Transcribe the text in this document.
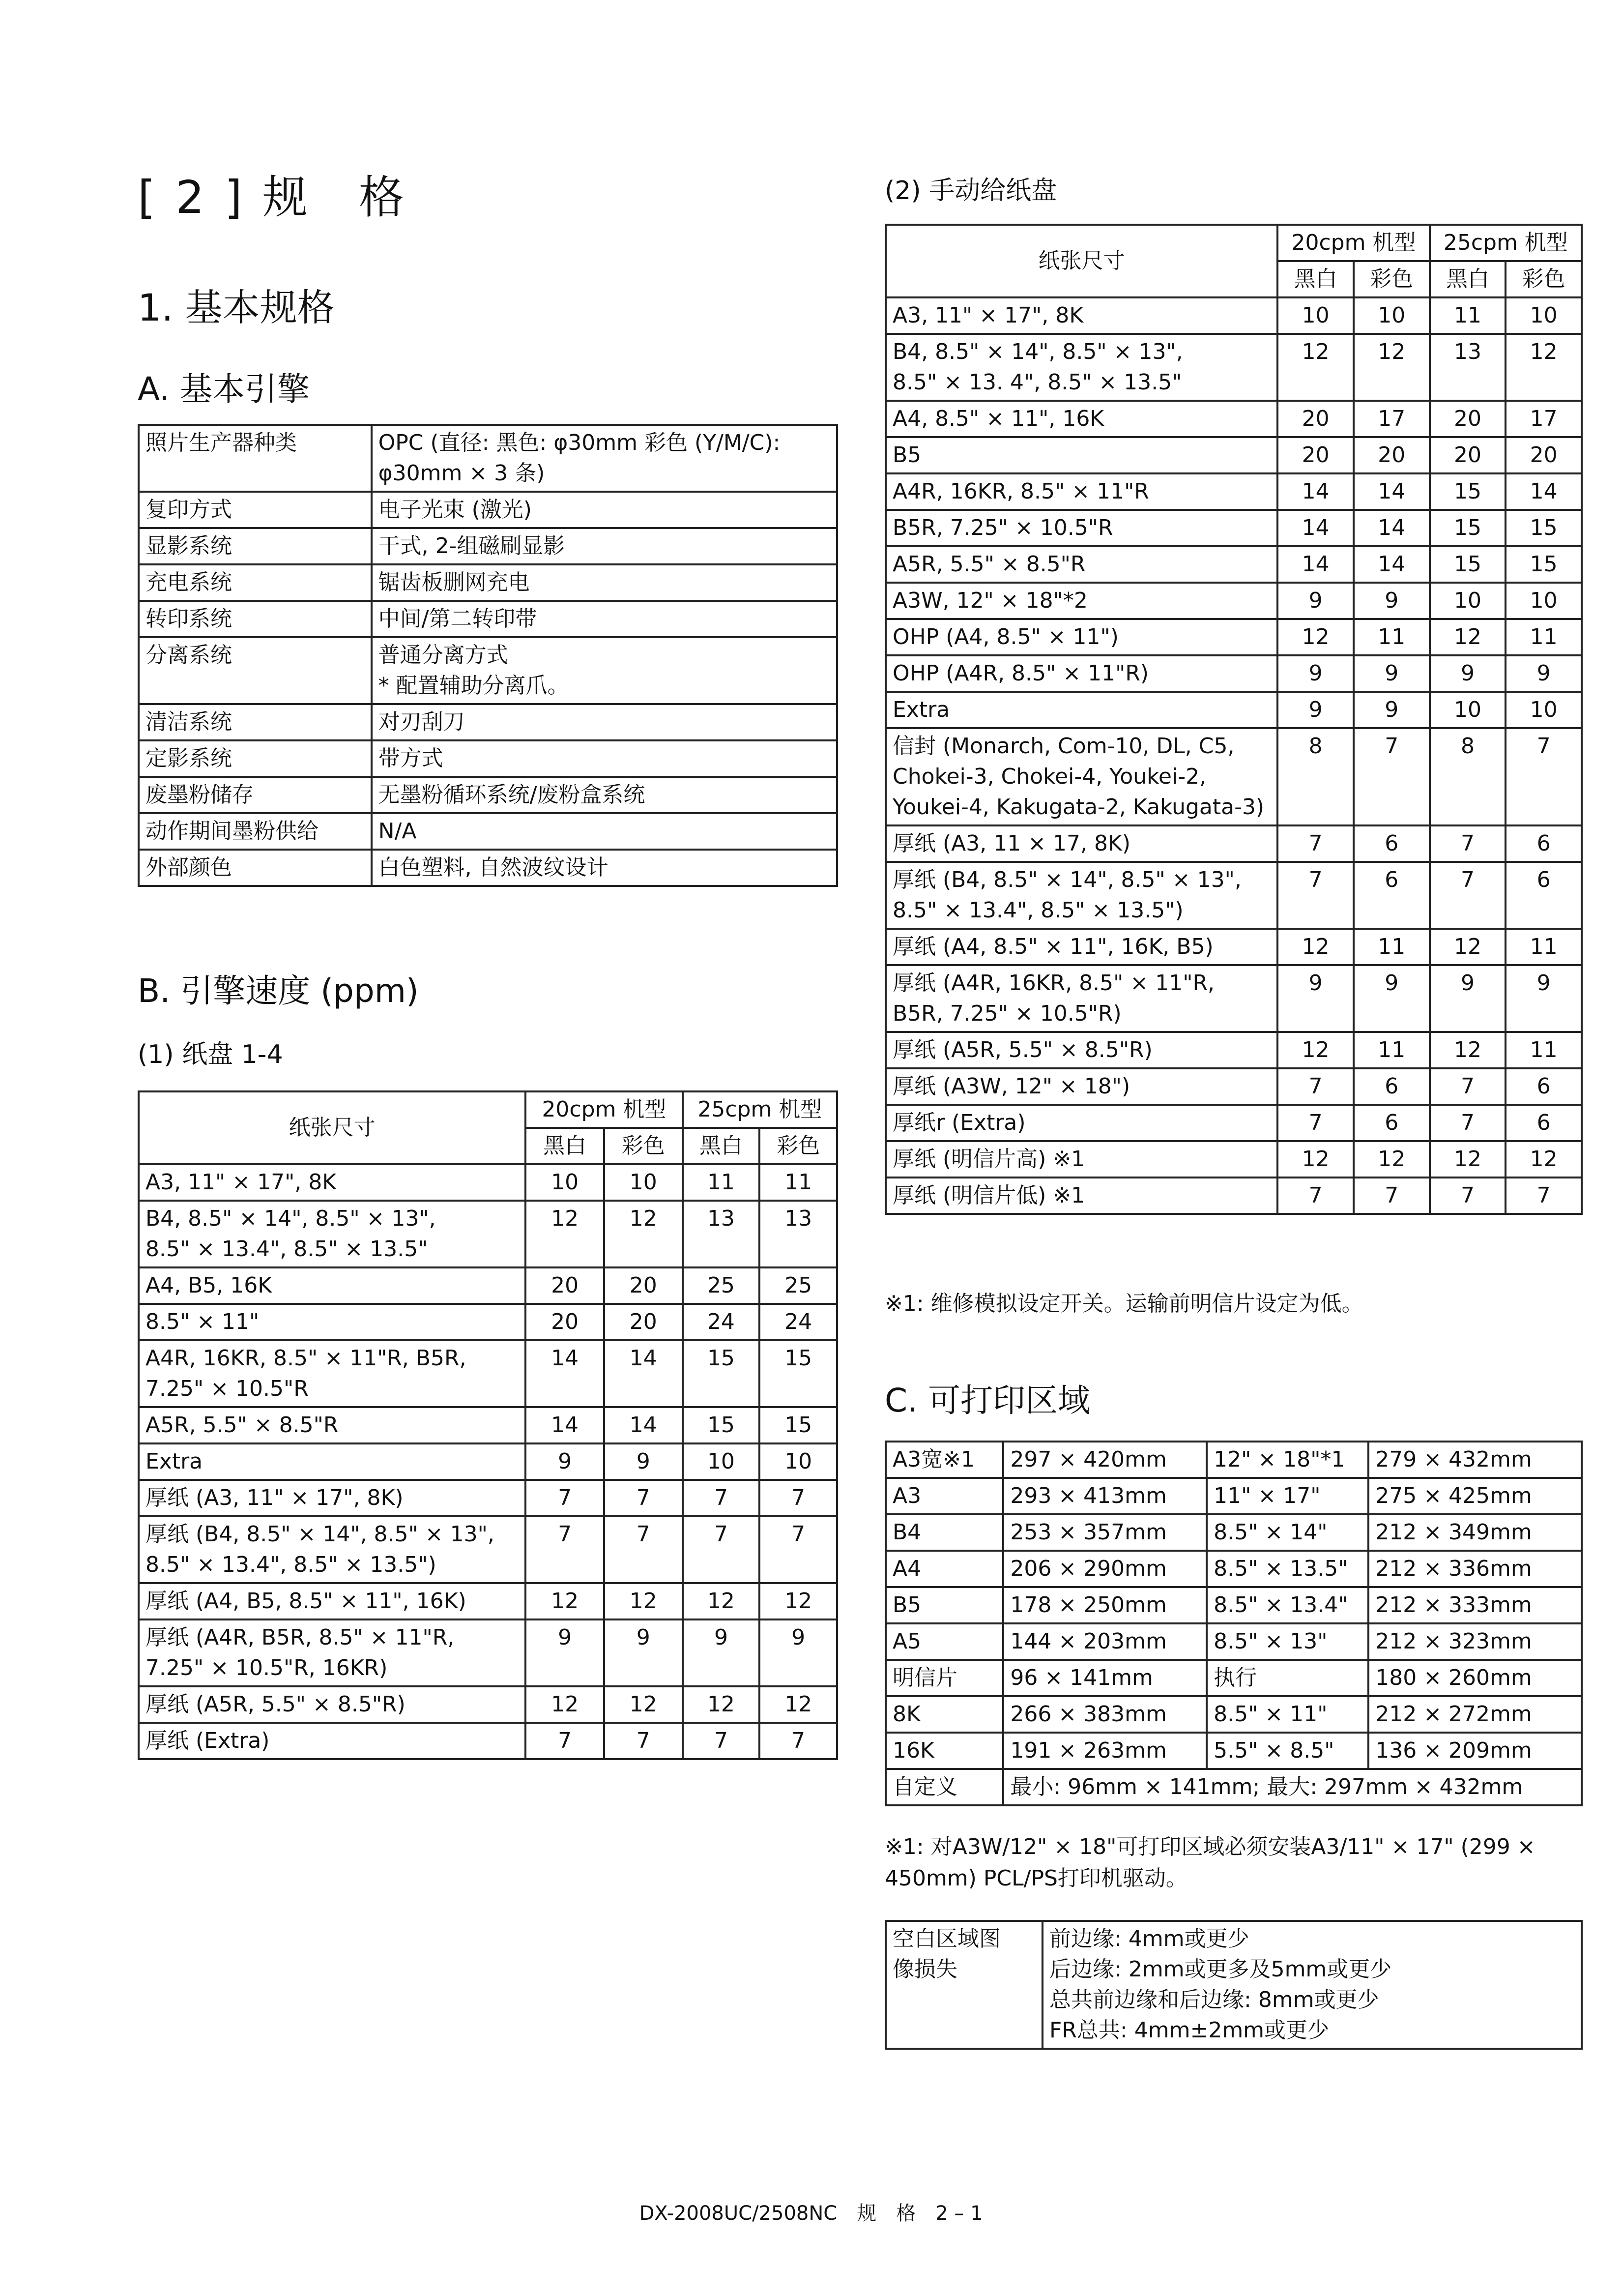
[ 2 ] 规　格
1. 基本规格
A. 基本引擎
照片生产器种类	OPC (直径: 黑色: φ30mm 彩色 (Y/M/C): φ30mm × 3 条)
复印方式	电子光束 (激光)
显影系统	干式, 2-组磁刷显影
充电系统	锯齿板删网充电
转印系统	中间/第二转印带
分离系统	普通分离方式
* 配置辅助分离爪。
清洁系统	对刃刮刀
定影系统	带方式
废墨粉储存	无墨粉循环系统/废粉盒系统
动作期间墨粉供给	N/A
外部颜色	白色塑料, 自然波纹设计
B. 引擎速度 (ppm)
(1) 纸盘 1-4
纸张尺寸	20cpm 机型		25cpm 机型	
	黑白	彩色	黑白	彩色
A3, 11" × 17", 8K	10	10	11	11
B4, 8.5" × 14", 8.5" × 13",
8.5" × 13.4", 8.5" × 13.5"	12	12	13	13
A4, B5, 16K	20	20	25	25
8.5" × 11"	20	20	24	24
A4R, 16KR, 8.5" × 11"R, B5R,
7.25" × 10.5"R	14	14	15	15
A5R, 5.5" × 8.5"R	14	14	15	15
Extra	9	9	10	10
厚纸 (A3, 11" × 17", 8K)	7	7	7	7
厚纸 (B4, 8.5" × 14", 8.5" × 13",
8.5" × 13.4", 8.5" × 13.5")	7	7	7	7
厚纸 (A4, B5, 8.5" × 11", 16K)	12	12	12	12
厚纸 (A4R, B5R, 8.5" × 11"R,
7.25" × 10.5"R, 16KR)	9	9	9	9
厚纸 (A5R, 5.5" × 8.5"R)	12	12	12	12
厚纸 (Extra)	7	7	7	7
(2) 手动给纸盘
纸张尺寸	20cpm 机型		25cpm 机型	
	黑白	彩色	黑白	彩色
A3, 11" × 17", 8K	10	10	11	10
B4, 8.5" × 14", 8.5" × 13",
8.5" × 13. 4", 8.5" × 13.5"	12	12	13	12
A4, 8.5" × 11", 16K	20	17	20	17
B5	20	20	20	20
A4R, 16KR, 8.5" × 11"R	14	14	15	14
B5R, 7.25" × 10.5"R	14	14	15	15
A5R, 5.5" × 8.5"R	14	14	15	15
A3W, 12" × 18"*2	9	9	10	10
OHP (A4, 8.5" × 11")	12	11	12	11
OHP (A4R, 8.5" × 11"R)	9	9	9	9
Extra	9	9	10	10
信封 (Monarch, Com-10, DL, C5,
Chokei-3, Chokei-4, Youkei-2,
Youkei-4, Kakugata-2, Kakugata-3)	8	7	8	7
厚纸 (A3, 11 × 17, 8K)	7	6	7	6
厚纸 (B4, 8.5" × 14", 8.5" × 13",
8.5" × 13.4", 8.5" × 13.5")	7	6	7	6
厚纸 (A4, 8.5" × 11", 16K, B5)	12	11	12	11
厚纸 (A4R, 16KR, 8.5" × 11"R,
B5R, 7.25" × 10.5"R)	9	9	9	9
厚纸 (A5R, 5.5" × 8.5"R)	12	11	12	11
厚纸 (A3W, 12" × 18")	7	6	7	6
厚纸r (Extra)	7	6	7	6
厚纸 (明信片高) ※1	12	12	12	12
厚纸 (明信片低) ※1	7	7	7	7

※1: 维修模拟设定开关。运输前明信片设定为低。

C. 可打印区域
A3宽※1	297 × 420mm	12" × 18"*1	279 × 432mm
A3	293 × 413mm	11" × 17"	275 × 425mm
B4	253 × 357mm	8.5" × 14"	212 × 349mm
A4	206 × 290mm	8.5" × 13.5"	212 × 336mm
B5	178 × 250mm	8.5" × 13.4"	212 × 333mm
A5	144 × 203mm	8.5" × 13"	212 × 323mm
明信片	96 × 141mm	执行	180 × 260mm
8K	266 × 383mm	8.5" × 11"	212 × 272mm
16K	191 × 263mm	5.5" × 8.5"	136 × 209mm
自定义	最小: 96mm × 141mm; 最大: 297mm × 432mm		

※1: 对A3W/12" × 18"可打印区域必须安装A3/11" × 17" (299 ×
450mm) PCL/PS打印机驱动。

空白区域图
像损失	前边缘: 4mm或更少
后边缘: 2mm或更多及5mm或更少
总共前边缘和后边缘: 8mm或更少
FR总共: 4mm±2mm或更少
DX-2008UC/2508NC　规　格　2 – 1
